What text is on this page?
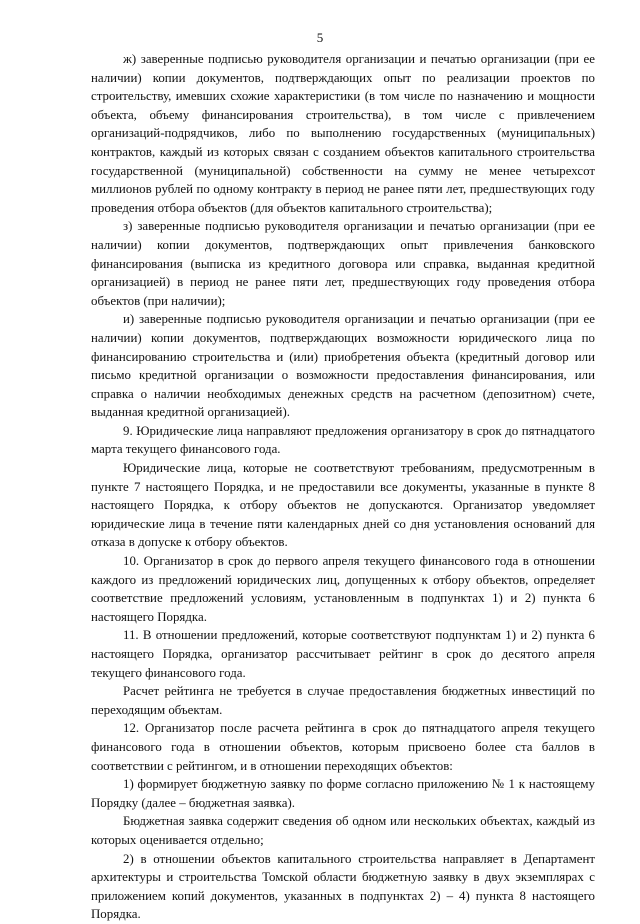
5

ж) заверенные подписью руководителя организации и печатью организации (при ее наличии) копии документов, подтверждающих опыт по реализации проектов по строительству, имевших схожие характеристики (в том числе по назначению и мощности объекта, объему финансирования строительства), в том числе с привлечением организаций-подрядчиков, либо по выполнению государственных (муниципальных) контрактов, каждый из которых связан с созданием объектов капитального строительства государственной (муниципальной) собственности на сумму не менее четырехсот миллионов рублей по одному контракту в период не ранее пяти лет, предшествующих году проведения отбора объектов (для объектов капитального строительства);

з) заверенные подписью руководителя организации и печатью организации (при ее наличии) копии документов, подтверждающих опыт привлечения банковского финансирования (выписка из кредитного договора или справка, выданная кредитной организацией) в период не ранее пяти лет, предшествующих году проведения отбора объектов (при наличии);

и) заверенные подписью руководителя организации и печатью организации (при ее наличии) копии документов, подтверждающих возможности юридического лица по финансированию строительства и (или) приобретения объекта (кредитный договор или письмо кредитной организации о возможности предоставления финансирования, или справка о наличии необходимых денежных средств на расчетном (депозитном) счете, выданная кредитной организацией).

9. Юридические лица направляют предложения организатору в срок до пятнадцатого марта текущего финансового года.

Юридические лица, которые не соответствуют требованиям, предусмотренным в пункте 7 настоящего Порядка, и не предоставили все документы, указанные в пункте 8 настоящего Порядка, к отбору объектов не допускаются. Организатор уведомляет юридические лица в течение пяти календарных дней со дня установления оснований для отказа в допуске к отбору объектов.

10. Организатор в срок до первого апреля текущего финансового года в отношении каждого из предложений юридических лиц, допущенных к отбору объектов, определяет соответствие предложений условиям, установленным в подпунктах 1) и 2) пункта 6 настоящего Порядка.

11. В отношении предложений, которые соответствуют подпунктам 1) и 2) пункта 6 настоящего Порядка, организатор рассчитывает рейтинг в срок до десятого апреля текущего финансового года.

Расчет рейтинга не требуется в случае предоставления бюджетных инвестиций по переходящим объектам.

12. Организатор после расчета рейтинга в срок до пятнадцатого апреля текущего финансового года в отношении объектов, которым присвоено более ста баллов в соответствии с рейтингом, и в отношении переходящих объектов:

1) формирует бюджетную заявку по форме согласно приложению № 1 к настоящему Порядку (далее – бюджетная заявка).

Бюджетная заявка содержит сведения об одном или нескольких объектах, каждый из которых оценивается отдельно;

2) в отношении объектов капитального строительства направляет в Департамент архитектуры и строительства Томской области бюджетную заявку в двух экземплярах с приложением копий документов, указанных в подпунктах 2) – 4) пункта 8 настоящего Порядка.
